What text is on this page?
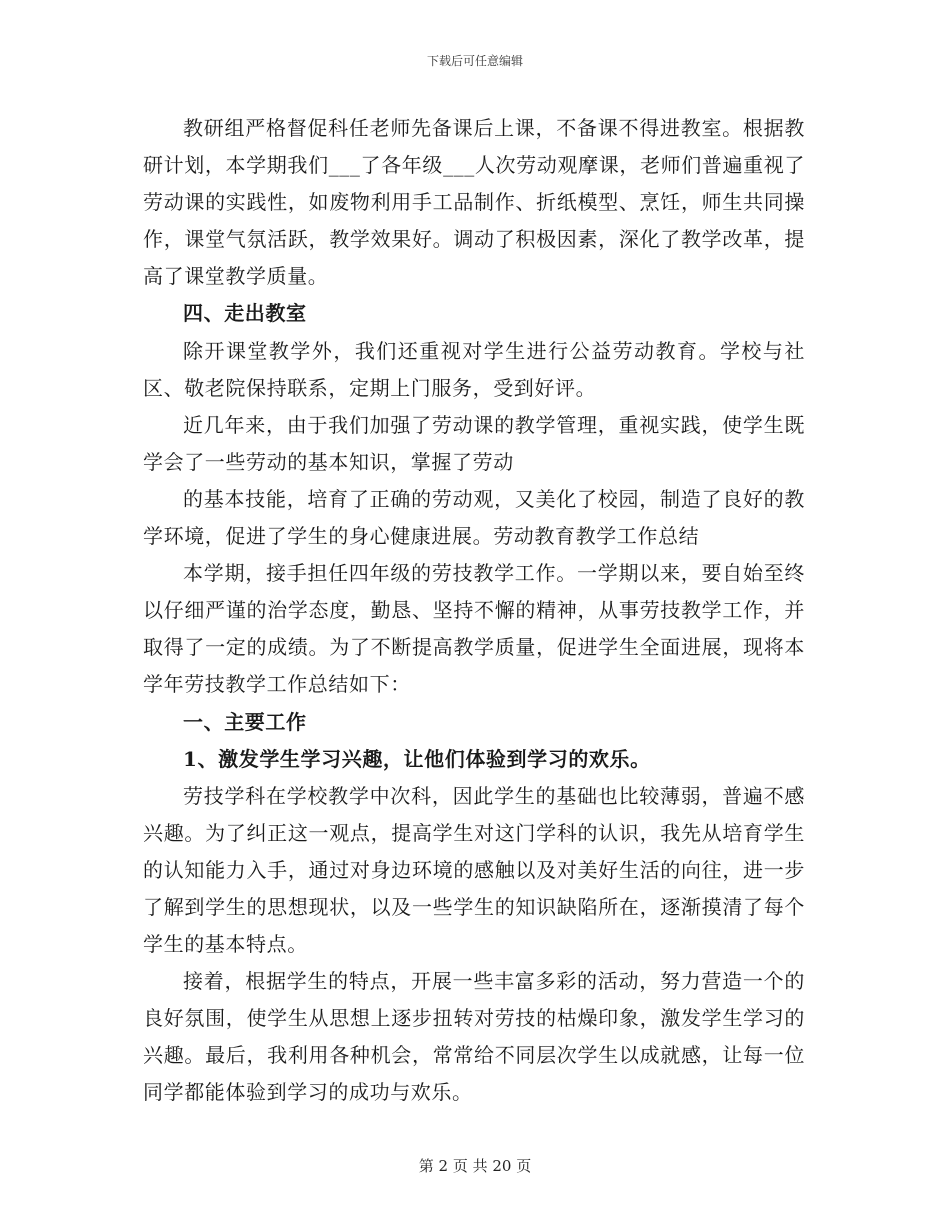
下载后可任意编辑

教研组严格督促科任老师先备课后上课，不备课不得进教室。根据教研计划，本学期我们___了各年级___人次劳动观摩课，老师们普遍重视了劳动课的实践性，如废物利用手工品制作、折纸模型、烹饪，师生共同操作，课堂气氛活跃，教学效果好。调动了积极因素，深化了教学改革，提高了课堂教学质量。

四、走出教室

除开课堂教学外，我们还重视对学生进行公益劳动教育。学校与社区、敬老院保持联系，定期上门服务，受到好评。

近几年来，由于我们加强了劳动课的教学管理，重视实践，使学生既学会了一些劳动的基本知识，掌握了劳动

的基本技能，培育了正确的劳动观，又美化了校园，制造了良好的教学环境，促进了学生的身心健康进展。劳动教育教学工作总结

本学期，接手担任四年级的劳技教学工作。一学期以来，要自始至终以仔细严谨的治学态度，勤恳、坚持不懈的精神，从事劳技教学工作，并取得了一定的成绩。为了不断提高教学质量，促进学生全面进展，现将本学年劳技教学工作总结如下：

一、主要工作

1、激发学生学习兴趣，让他们体验到学习的欢乐。

劳技学科在学校教学中次科，因此学生的基础也比较薄弱，普遍不感兴趣。为了纠正这一观点，提高学生对这门学科的认识，我先从培育学生的认知能力入手，通过对身边环境的感触以及对美好生活的向往，进一步了解到学生的思想现状，以及一些学生的知识缺陷所在，逐渐摸清了每个学生的基本特点。

接着，根据学生的特点，开展一些丰富多彩的活动，努力营造一个的良好氛围，使学生从思想上逐步扭转对劳技的枯燥印象，激发学生学习的兴趣。最后，我利用各种机会，常常给不同层次学生以成就感，让每一位同学都能体验到学习的成功与欢乐。

第 2 页 共 20 页
